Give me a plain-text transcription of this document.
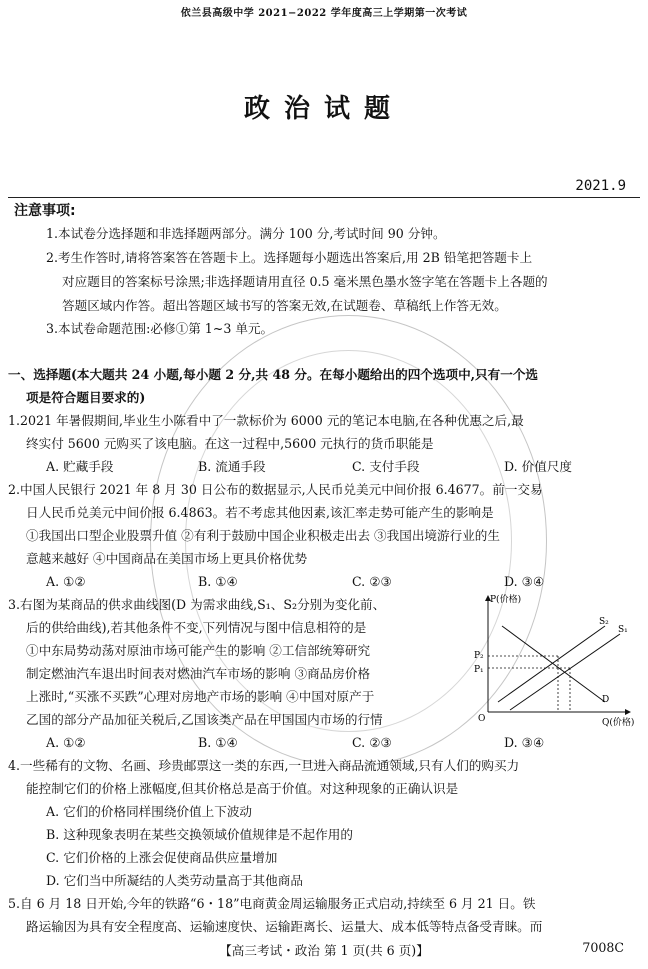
依兰县高级中学 2021−2022 学年度高三上学期第一次考试
政治试题
2021.9
注意事项:
1.本试卷分选择题和非选择题两部分。满分 100 分,考试时间 90 分钟。
2.考生作答时,请将答案答在答题卡上。选择题每小题选出答案后,用 2B 铅笔把答题卡上
对应题目的答案标号涂黑;非选择题请用直径 0.5 毫米黑色墨水签字笔在答题卡上各题的
答题区域内作答。超出答题区域书写的答案无效,在试题卷、草稿纸上作答无效。
3.本试卷命题范围:必修①第 1~3 单元。
一、选择题(本大题共 24 小题,每小题 2 分,共 48 分。在每小题给出的四个选项中,只有一个选
项是符合题目要求的)
1.2021 年暑假期间,毕业生小陈看中了一款标价为 6000 元的笔记本电脑,在各种优惠之后,最
终实付 5600 元购买了该电脑。在这一过程中,5600 元执行的货币职能是
A. 贮藏手段	B. 流通手段	C. 支付手段	D. 价值尺度
2.中国人民银行 2021 年 8 月 30 日公布的数据显示,人民币兑美元中间价报 6.4677。前一交易
日人民币兑美元中间价报 6.4863。若不考虑其他因素,该汇率走势可能产生的影响是
①我国出口型企业股票升值 ②有利于鼓励中国企业积极走出去 ③我国出境游行业的生
意越来越好 ④中国商品在美国市场上更具价格优势
A. ①②	B. ①④	C. ②③	D. ③④
3.右图为某商品的供求曲线图(D 为需求曲线,S₁、S₂分别为变化前、
后的供给曲线),若其他条件不变,下列情况与图中信息相符的是
①中东局势动荡对原油市场可能产生的影响 ②工信部统筹研究
制定燃油汽车退出时间表对燃油汽车市场的影响 ③商品房价格
上涨时,“买涨不买跌”心理对房地产市场的影响 ④中国对原产于
乙国的部分产品加征关税后,乙国该类产品在甲国国内市场的行情
A. ①②	B. ①④	C. ②③	D. ③④
P(价格)
Q(价格)
O
S₂
S₁
P₂
P₁
D
4.一些稀有的文物、名画、珍贵邮票这一类的东西,一旦进入商品流通领域,只有人们的购买力
能控制它们的价格上涨幅度,但其价格总是高于价值。对这种现象的正确认识是
A. 它们的价格同样围绕价值上下波动
B. 这种现象表明在某些交换领域价值规律是不起作用的
C. 它们价格的上涨会促使商品供应量增加
D. 它们当中所凝结的人类劳动量高于其他商品
5.自 6 月 18 日开始,今年的铁路“6・18”电商黄金周运输服务正式启动,持续至 6 月 21 日。铁
路运输因为具有安全程度高、运输速度快、运输距离长、运量大、成本低等特点备受青睐。而
【高三考试・政治 第 1 页(共 6 页)】	7008C
